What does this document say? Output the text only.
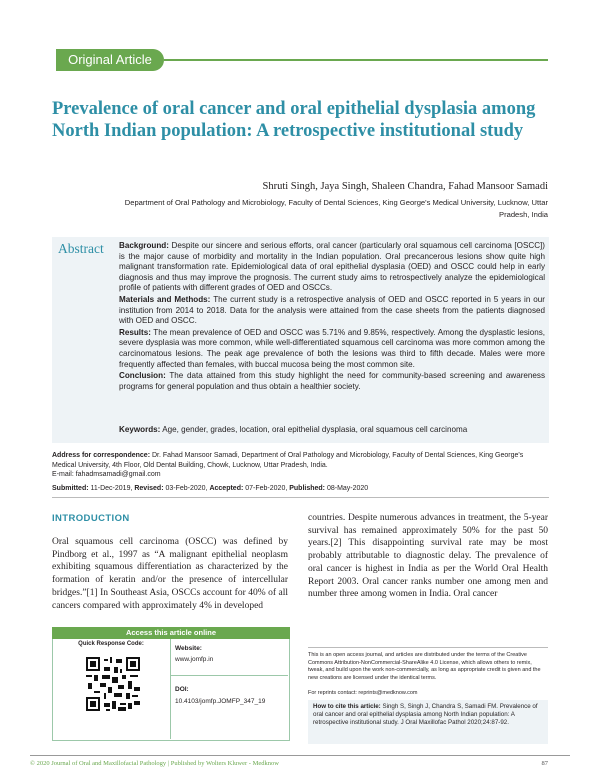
Original Article
Prevalence of oral cancer and oral epithelial dysplasia among North Indian population: A retrospective institutional study
Shruti Singh, Jaya Singh, Shaleen Chandra, Fahad Mansoor Samadi
Department of Oral Pathology and Microbiology, Faculty of Dental Sciences, King George's Medical University, Lucknow, Uttar Pradesh, India
Abstract Background: Despite our sincere and serious efforts, oral cancer (particularly oral squamous cell carcinoma [OSCC]) is the major cause of morbidity and mortality in the Indian population. Oral precancerous lesions show quite high malignant transformation rate. Epidemiological data of oral epithelial dysplasia (OED) and OSCC could help in early diagnosis and thus may improve the prognosis. The current study aims to retrospectively analyze the epidemiological profile of patients with different grades of OED and OSCCs.

Materials and Methods: The current study is a retrospective analysis of OED and OSCC reported in 5 years in our institution from 2014 to 2018. Data for the analysis were attained from the case sheets from the patients diagnosed with OED and OSCC.

Results: The mean prevalence of OED and OSCC was 5.71% and 9.85%, respectively. Among the dysplastic lesions, severe dysplasia was more common, while well-differentiated squamous cell carcinoma was more common among the carcinomatous lesions. The peak age prevalence of both the lesions was third to fifth decade. Males were more frequently affected than females, with buccal mucosa being the most common site.

Conclusion: The data attained from this study highlight the need for community-based screening and awareness programs for general population and thus obtain a healthier society.

Keywords: Age, gender, grades, location, oral epithelial dysplasia, oral squamous cell carcinoma
Address for correspondence: Dr. Fahad Mansoor Samadi, Department of Oral Pathology and Microbiology, Faculty of Dental Sciences, King George's Medical University, 4th Floor, Old Dental Building, Chowk, Lucknow, Uttar Pradesh, India.
E-mail: fahadmsamadi@gmail.com
Submitted: 11-Dec-2019, Revised: 03-Feb-2020, Accepted: 07-Feb-2020, Published: 08-May-2020
INTRODUCTION
Oral squamous cell carcinoma (OSCC) was defined by Pindborg et al., 1997 as “A malignant epithelial neoplasm exhibiting squamous differentiation as characterized by the formation of keratin and/or the presence of intercellular bridges.”[1] In Southeast Asia, OSCCs account for 40% of all cancers compared with approximately 4% in developed
countries. Despite numerous advances in treatment, the 5-year survival has remained approximately 50% for the past 50 years.[2] This disappointing survival rate may be most probably attributable to diagnostic delay. The prevalence of oral cancer is highest in India as per the World Oral Health Report 2003. Oral cancer ranks number one among men and number three among women in India. Oral cancer
Access this article online
Quick Response Code:
Website:
www.jomfp.in
DOI:
10.4103/jomfp.JOMFP_347_19
This is an open access journal, and articles are distributed under the terms of the Creative Commons Attribution-NonCommercial-ShareAlike 4.0 License, which allows others to remix, tweak, and build upon the work non-commercially, as long as appropriate credit is given and the new creations are licensed under the identical terms.
For reprints contact: reprints@medknow.com
How to cite this article: Singh S, Singh J, Chandra S, Samadi FM. Prevalence of oral cancer and oral epithelial dysplasia among North Indian population: A retrospective institutional study. J Oral Maxillofac Pathol 2020;24:87-92.
© 2020 Journal of Oral and Maxillofacial Pathology | Published by Wolters Kluwer - Medknow	87
